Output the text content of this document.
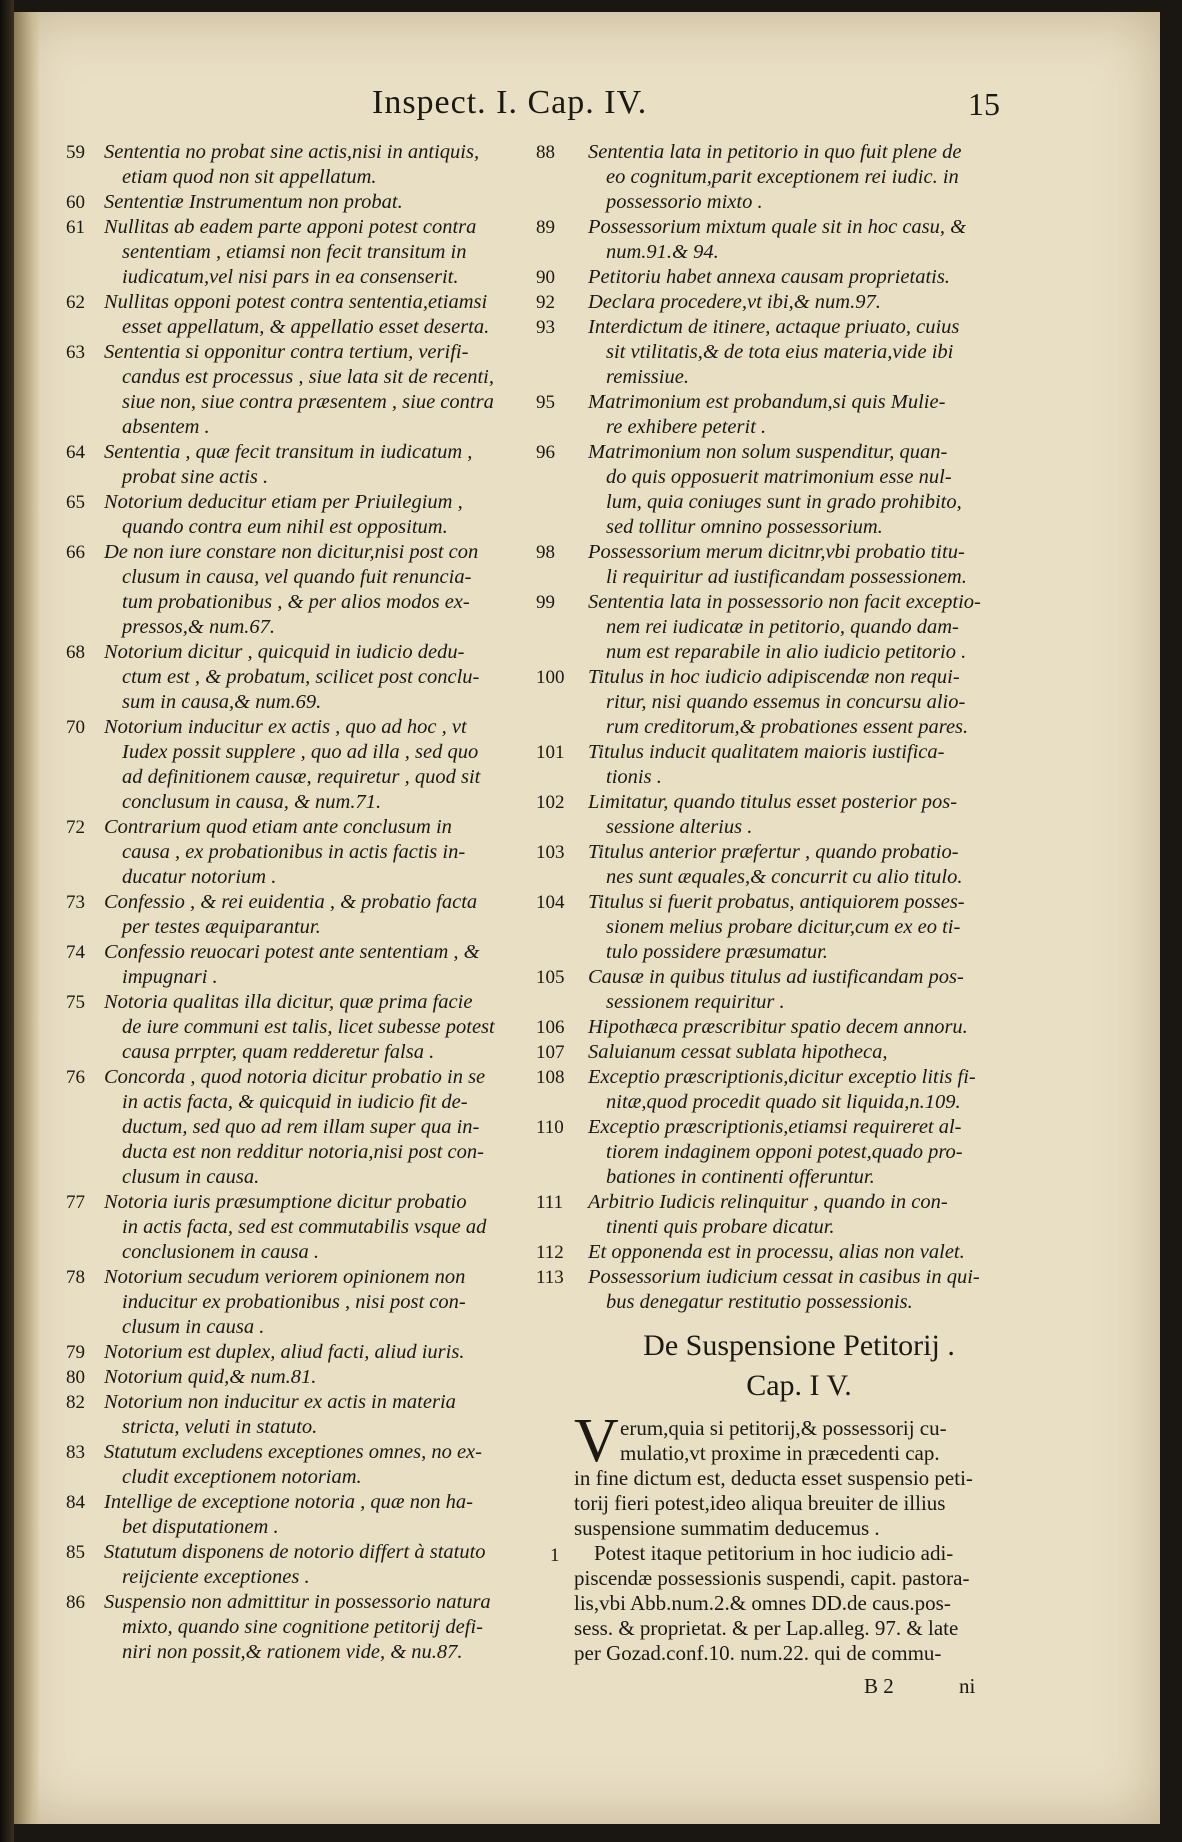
Inspect. I. Cap. IV.	15
59 Sententia no probat sine actis,nisi in antiquis,
etiam quod non sit appellatum.
60 Sententiæ Instrumentum non probat.
61 Nullitas ab eadem parte apponi potest contra
sententiam , etiamsi non fecit transitum in
iudicatum,vel nisi pars in ea consenserit.
62 Nullitas opponi potest contra sententia,etiamsi
esset appellatum, & appellatio esset deserta.
63 Sententia si opponitur contra tertium, verifi-
candus est processus , siue lata sit de recenti,
siue non, siue contra præsentem , siue contra
absentem .
64 Sententia , quæ fecit transitum in iudicatum ,
probat sine actis .
65 Notorium deducitur etiam per Priuilegium ,
quando contra eum nihil est oppositum.
66 De non iure constare non dicitur,nisi post con
clusum in causa, vel quando fuit renuncia-
tum probationibus , & per alios modos ex-
pressos,& num.67.
68 Notorium dicitur , quicquid in iudicio dedu-
ctum est , & probatum, scilicet post conclu-
sum in causa,& num.69.
70 Notorium inducitur ex actis , quo ad hoc , vt
Iudex possit supplere , quo ad illa , sed quo
ad definitionem causæ, requiretur , quod sit
conclusum in causa, & num.71.
72 Contrarium quod etiam ante conclusum in
causa , ex probationibus in actis factis in-
ducatur notorium .
73 Confessio , & rei euidentia , & probatio facta
per testes æquiparantur.
74 Confessio reuocari potest ante sententiam , &
impugnari .
75 Notoria qualitas illa dicitur, quæ prima facie
de iure communi est talis, licet subesse potest
causa prrpter, quam redderetur falsa .
76 Concorda , quod notoria dicitur probatio in se
in actis facta, & quicquid in iudicio fit de-
ductum, sed quo ad rem illam super qua in-
ducta est non redditur notoria,nisi post con-
clusum in causa.
77 Notoria iuris præsumptione dicitur probatio
in actis facta, sed est commutabilis vsque ad
conclusionem in causa .
78 Notorium secudum veriorem opinionem non
inducitur ex probationibus , nisi post con-
clusum in causa .
79 Notorium est duplex, aliud facti, aliud iuris.
80 Notorium quid,& num.81.
82 Notorium non inducitur ex actis in materia
stricta, veluti in statuto.
83 Statutum excludens exceptiones omnes, no ex-
cludit exceptionem notoriam.
84 Intellige de exceptione notoria , quæ non ha-
bet disputationem .
85 Statutum disponens de notorio differt à statuto
reijciente exceptiones .
86 Suspensio non admittitur in possessorio natura
mixto, quando sine cognitione petitorij defi-
niri non possit,& rationem vide, & nu.87.
88	Sententia lata in petitorio in quo fuit plene de
eo cognitum,parit exceptionem rei iudic. in
possessorio mixto .
89	Possessorium mixtum quale sit in hoc casu, &
num.91.& 94.
90	Petitoriu habet annexa causam proprietatis.
92	Declara procedere,vt ibi,& num.97.
93	Interdictum de itinere, actaque priuato, cuius
sit vtilitatis,& de tota eius materia,vide ibi
remissiue.
95	Matrimonium est probandum,si quis Mulie-
re exhibere peterit .
96	Matrimonium non solum suspenditur, quan-
do quis opposuerit matrimonium esse nul-
lum, quia coniuges sunt in grado prohibito,
sed tollitur omnino possessorium.
98	Possessorium merum dicitnr,vbi probatio titu-
li requiritur ad iustificandam possessionem.
99	Sententia lata in possessorio non facit exceptio-
nem rei iudicatæ in petitorio, quando dam-
num est reparabile in alio iudicio petitorio .
100	Titulus in hoc iudicio adipiscendæ non requi-
ritur, nisi quando essemus in concursu alio-
rum creditorum,& probationes essent pares.
101	Titulus inducit qualitatem maioris iustifica-
tionis .
102	Limitatur, quando titulus esset posterior pos-
sessione alterius .
103	Titulus anterior præfertur , quando probatio-
nes sunt æquales,& concurrit cu alio titulo.
104	Titulus si fuerit probatus, antiquiorem posses-
sionem melius probare dicitur,cum ex eo ti-
tulo possidere præsumatur.
105	Causæ in quibus titulus ad iustificandam pos-
sessionem requiritur .
106	Hipothæca præscribitur spatio decem annoru.
107	Saluianum cessat sublata hipotheca,
108	Exceptio præscriptionis,dicitur exceptio litis fi-
nitæ,quod procedit quado sit liquida,n.109.
110	Exceptio præscriptionis,etiamsi requireret al-
tiorem indaginem opponi potest,quado pro-
bationes in continenti offeruntur.
111	Arbitrio Iudicis relinquitur , quando in con-
tinenti quis probare dicatur.
112	Et opponenda est in processu, alias non valet.
113	Possessorium iudicium cessat in casibus in qui-
bus denegatur restitutio possessionis.
De Suspensione Petitorij .
Cap. I V.
V erum,quia si petitorij,& possessorij cu-
mulatio,vt proxime in præcedenti cap.
in fine dictum est, deducta esset suspensio peti-
torij fieri potest,ideo aliqua breuiter de illius
suspensione summatim deducemus .
Potest itaque petitorium in hoc iudicio adi-
piscendæ possessionis suspendi, capit. pastora-
lis,vbi Abb.num.2.& omnes DD.de caus.pos-
sess. & proprietat. & per Lap.alleg. 97. & late
per Gozad.conf.10. num.22. qui de commu-
1
B 2	ni
